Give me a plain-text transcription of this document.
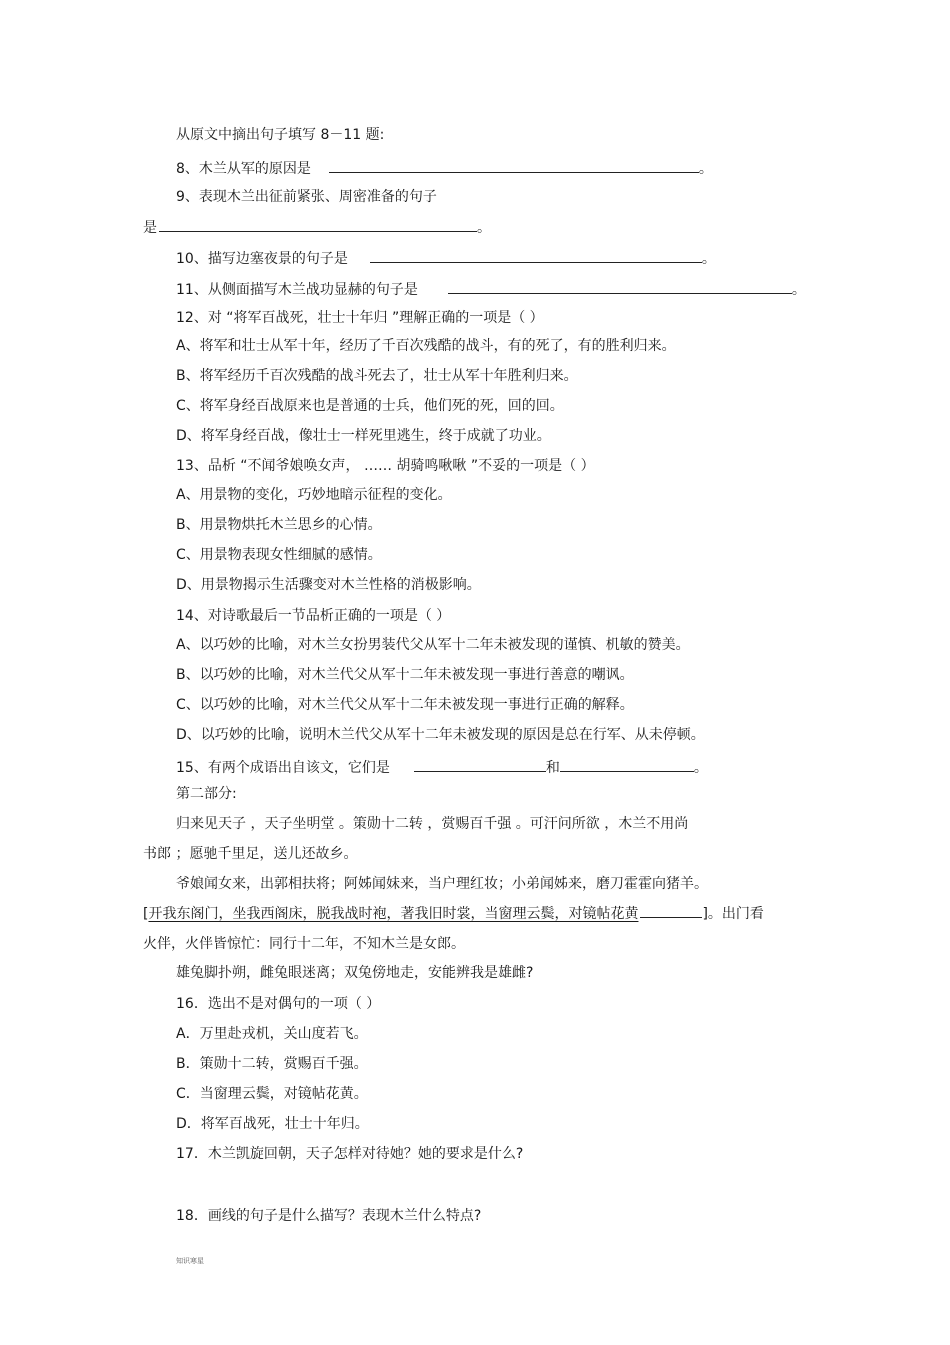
从原文中摘出句子填写 8－11 题:
8、木兰从军的原因是	。
9、表现木兰出征前紧张、周密准备的句子
是	。
10、描写边塞夜景的句子是	。
11、从侧面描写木兰战功显赫的句子是	。
12、对 “将军百战死，壮士十年归 ”理解正确的一项是（ ）
A、将军和壮士从军十年，经历了千百次残酷的战斗，有的死了，有的胜利归来。
B、将军经历千百次残酷的战斗死去了，壮士从军十年胜利归来。
C、将军身经百战原来也是普通的士兵，他们死的死，回的回。
D、将军身经百战，像壮士一样死里逃生，终于成就了功业。
13、品析 “不闻爷娘唤女声， …… 胡骑鸣啾啾 ”不妥的一项是（ ）
A、用景物的变化，巧妙地暗示征程的变化。
B、用景物烘托木兰思乡的心情。
C、用景物表现女性细腻的感情。
D、用景物揭示生活骤变对木兰性格的消极影响。
14、对诗歌最后一节品析正确的一项是（ ）
A、以巧妙的比喻，对木兰女扮男装代父从军十二年未被发现的谨慎、机敏的赞美。
B、以巧妙的比喻，对木兰代父从军十二年未被发现一事进行善意的嘲讽。
C、以巧妙的比喻，对木兰代父从军十二年未被发现一事进行正确的解释。
D、以巧妙的比喻，说明木兰代父从军十二年未被发现的原因是总在行军、从未停顿。
15、有两个成语出自该文，它们是	和	。
第二部分:
归来见天子 ，天子坐明堂 。策勋十二转 ，赏赐百千强 。可汗问所欲 ，木兰不用尚
书郎 ；愿驰千里足，送儿还故乡。
爷娘闻女来，出郭相扶将；阿姊闻妹来，当户理红妆；小弟闻姊来，磨刀霍霍向猪羊。
[开我东阁门，坐我西阁床，脱我战时袍，著我旧时裳，当窗理云鬓，对镜帖花黄	]。出门看
火伴，火伴皆惊忙：同行十二年，不知木兰是女郎。
雄兔脚扑朔，雌兔眼迷离；双兔傍地走，安能辨我是雄雌?
16．选出不是对偶句的一项（ ）
A．万里赴戎机，关山度若飞。
B．策勋十二转，赏赐百千强。
C．当窗理云鬓，对镜帖花黄。
D．将军百战死，壮士十年归。
17．木兰凯旋回朝，天子怎样对待她？她的要求是什么?
18．画线的句子是什么描写？表现木兰什么特点?
知识寒星
